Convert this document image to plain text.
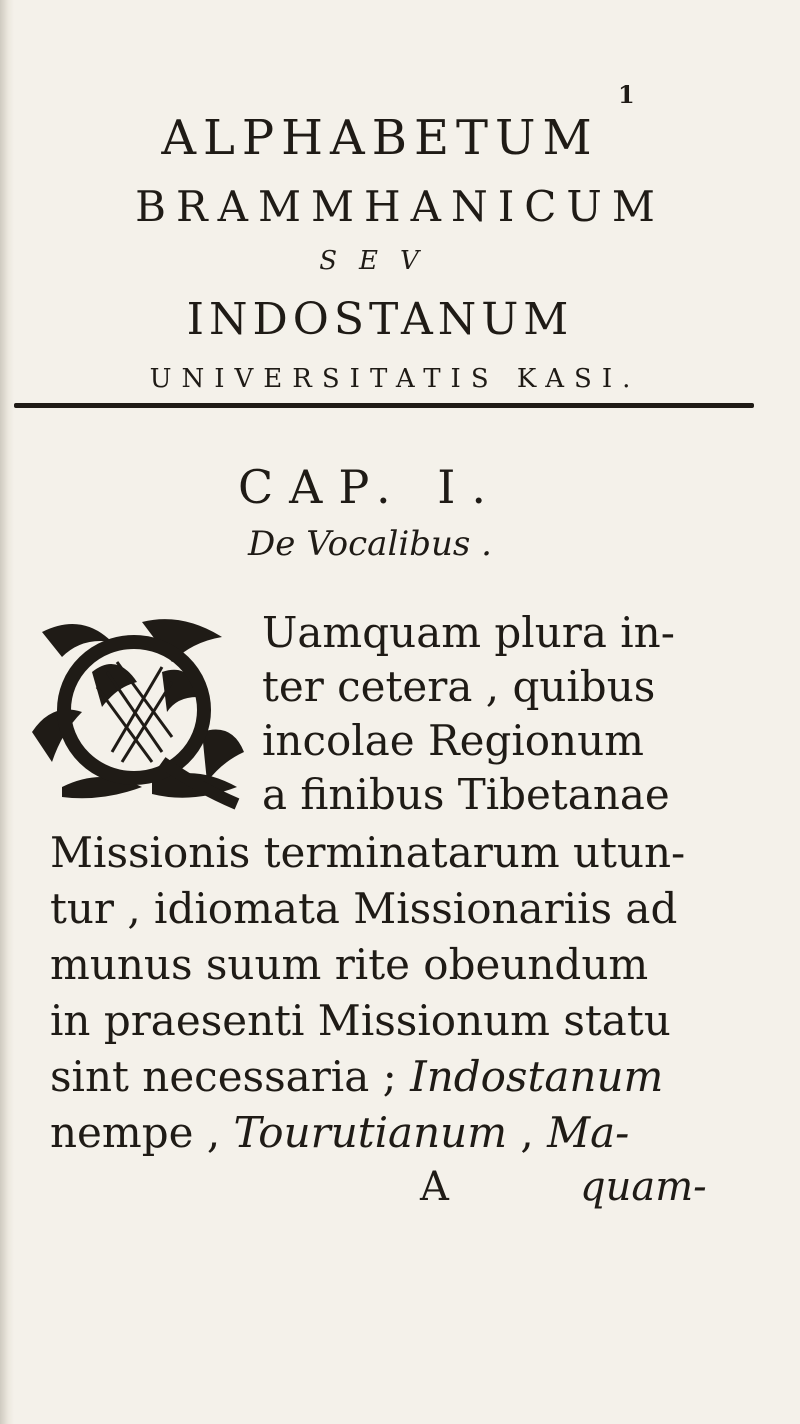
1
ALPHABETUM
BRAMMHANICUM
SEV
INDOSTANUM
UNIVERSITATIS KASI.
CAP. I.
De Vocalibus .
Uamquam plura in-
ter cetera , quibus
incolae Regionum
a finibus Tibetanae
Missionis terminatarum utun-
tur , idiomata Missionariis ad
munus suum rite obeundum
in praesenti Missionum statu
sint necessaria ; Indostanum
nempe , Tourutianum , Ma-
A	quam-
